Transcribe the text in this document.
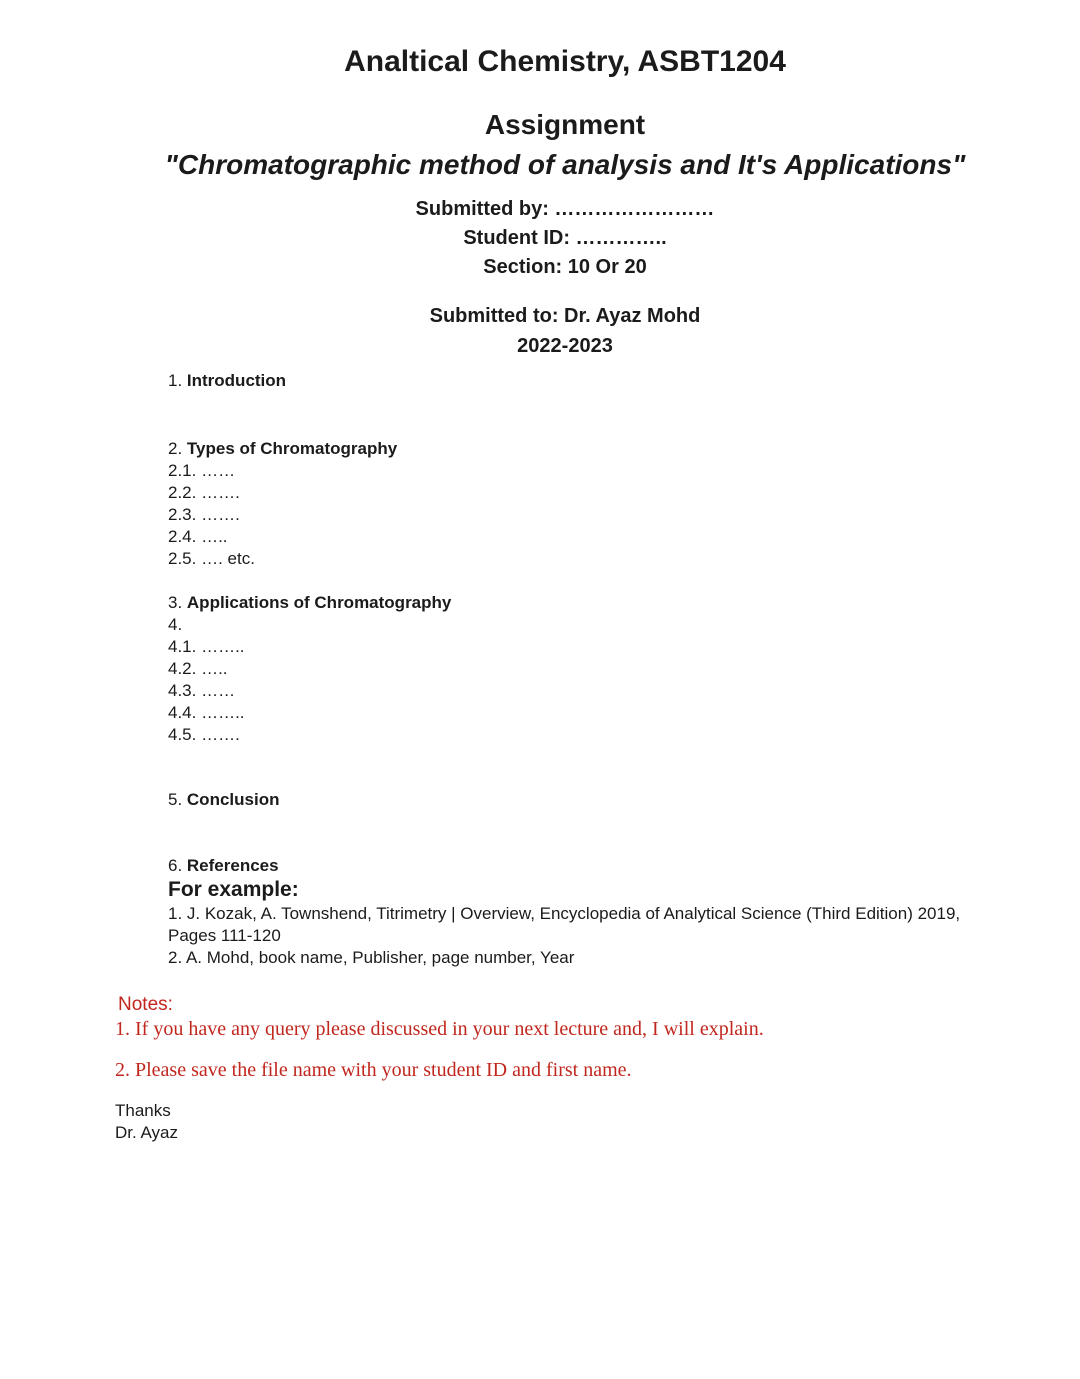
Analtical Chemistry, ASBT1204
Assignment
"Chromatographic method of analysis and It's Applications"
Submitted by: ……………………
Student ID: …………..
Section: 10 Or 20
Submitted to: Dr. Ayaz Mohd
2022-2023
1. Introduction
2. Types of Chromatography
2.1. ……
2.2. …….
2.3. …….
2.4. …..
2.5. …. etc.
3. Applications of Chromatography
4.
4.1. ……..
4.2. …..
4.3. ……
4.4. ……..
4.5. …….
5. Conclusion
6. References
For example:
1. J. Kozak, A. Townshend, Titrimetry | Overview, Encyclopedia of Analytical Science (Third Edition) 2019, Pages 111-120
2. A. Mohd, book name, Publisher, page number, Year
Notes:
1. If you have any query please discussed in your next lecture and, I will explain.
2. Please save the file name with your student ID and first name.
Thanks
Dr. Ayaz
